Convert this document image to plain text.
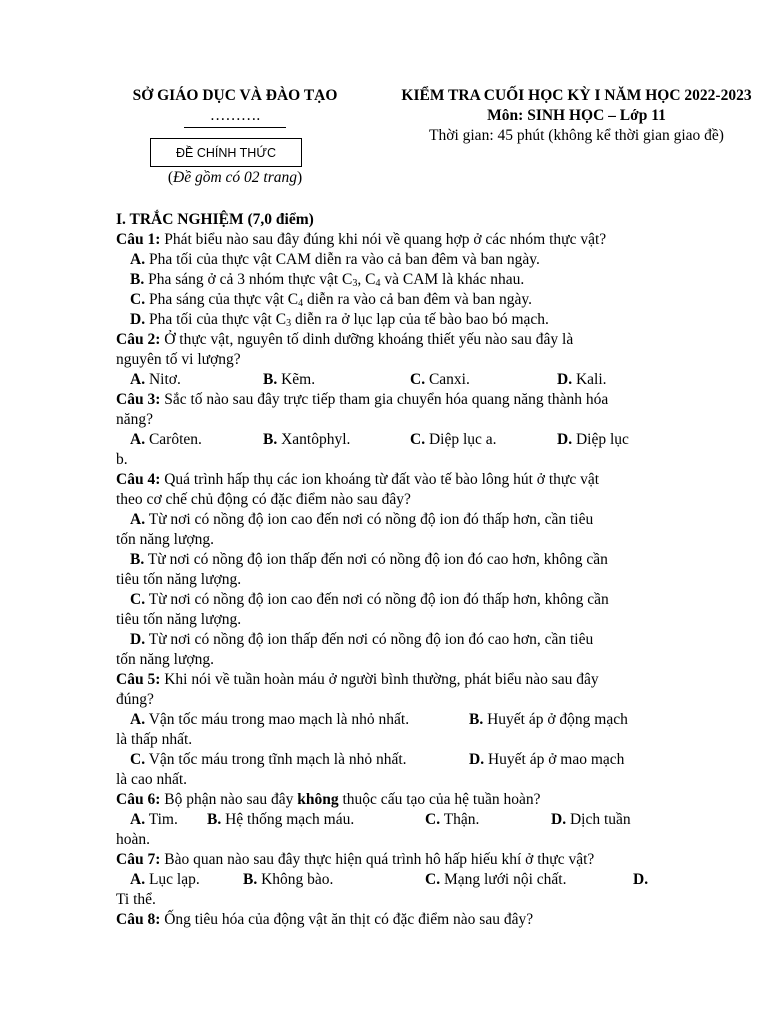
SỞ GIÁO DỤC VÀ ĐÀO TẠO
……….
ĐỀ CHÍNH THỨC
(Đề gồm có 02 trang)
KIỂM TRA CUỐI HỌC KỲ I NĂM HỌC 2022-2023
Môn: SINH HỌC – Lớp 11
Thời gian: 45 phút (không kể thời gian giao đề)
I. TRẮC NGHIỆM (7,0 điểm)
Câu 1: Phát biểu nào sau đây đúng khi nói về quang hợp ở các nhóm thực vật?
A. Pha tối của thực vật CAM diễn ra vào cả ban đêm và ban ngày.
B. Pha sáng ở cả 3 nhóm thực vật $C_3$, $C_4$ và CAM là khác nhau.
C. Pha sáng của thực vật $C_4$ diễn ra vào cả ban đêm và ban ngày.
D. Pha tối của thực vật $C_3$ diễn ra ở lục lạp của tế bào bao bó mạch.
Câu 2: Ở thực vật, nguyên tố dinh dưỡng khoáng thiết yếu nào sau đây là
nguyên tố vi lượng?
A. Nitơ.	B. Kẽm.	C. Canxi.	D. Kali.
Câu 3: Sắc tố nào sau đây trực tiếp tham gia chuyển hóa quang năng thành hóa
năng?
A. Carôten.	B. Xantôphyl.	C. Diệp lục a.	D. Diệp lục
b.
Câu 4: Quá trình hấp thụ các ion khoáng từ đất vào tế bào lông hút ở thực vật
theo cơ chế chủ động có đặc điểm nào sau đây?
A. Từ nơi có nồng độ ion cao đến nơi có nồng độ ion đó thấp hơn, cần tiêu
tốn năng lượng.
B. Từ nơi có nồng độ ion thấp đến nơi có nồng độ ion đó cao hơn, không cần
tiêu tốn năng lượng.
C. Từ nơi có nồng độ ion cao đến nơi có nồng độ ion đó thấp hơn, không cần
tiêu tốn năng lượng.
D. Từ nơi có nồng độ ion thấp đến nơi có nồng độ ion đó cao hơn, cần tiêu
tốn năng lượng.
Câu 5: Khi nói về tuần hoàn máu ở người bình thường, phát biểu nào sau đây
đúng?
A. Vận tốc máu trong mao mạch là nhỏ nhất.	B. Huyết áp ở động mạch
là thấp nhất.
C. Vận tốc máu trong tĩnh mạch là nhỏ nhất.	D. Huyết áp ở mao mạch
là cao nhất.
Câu 6: Bộ phận nào sau đây không thuộc cấu tạo của hệ tuần hoàn?
A. Tim.	B. Hệ thống mạch máu.	C. Thận.	D. Dịch tuần
hoàn.
Câu 7: Bào quan nào sau đây thực hiện quá trình hô hấp hiếu khí ở thực vật?
A. Lục lạp.	B. Không bào.	C. Mạng lưới nội chất.	D.
Ti thể.
Câu 8: Ống tiêu hóa của động vật ăn thịt có đặc điểm nào sau đây?
